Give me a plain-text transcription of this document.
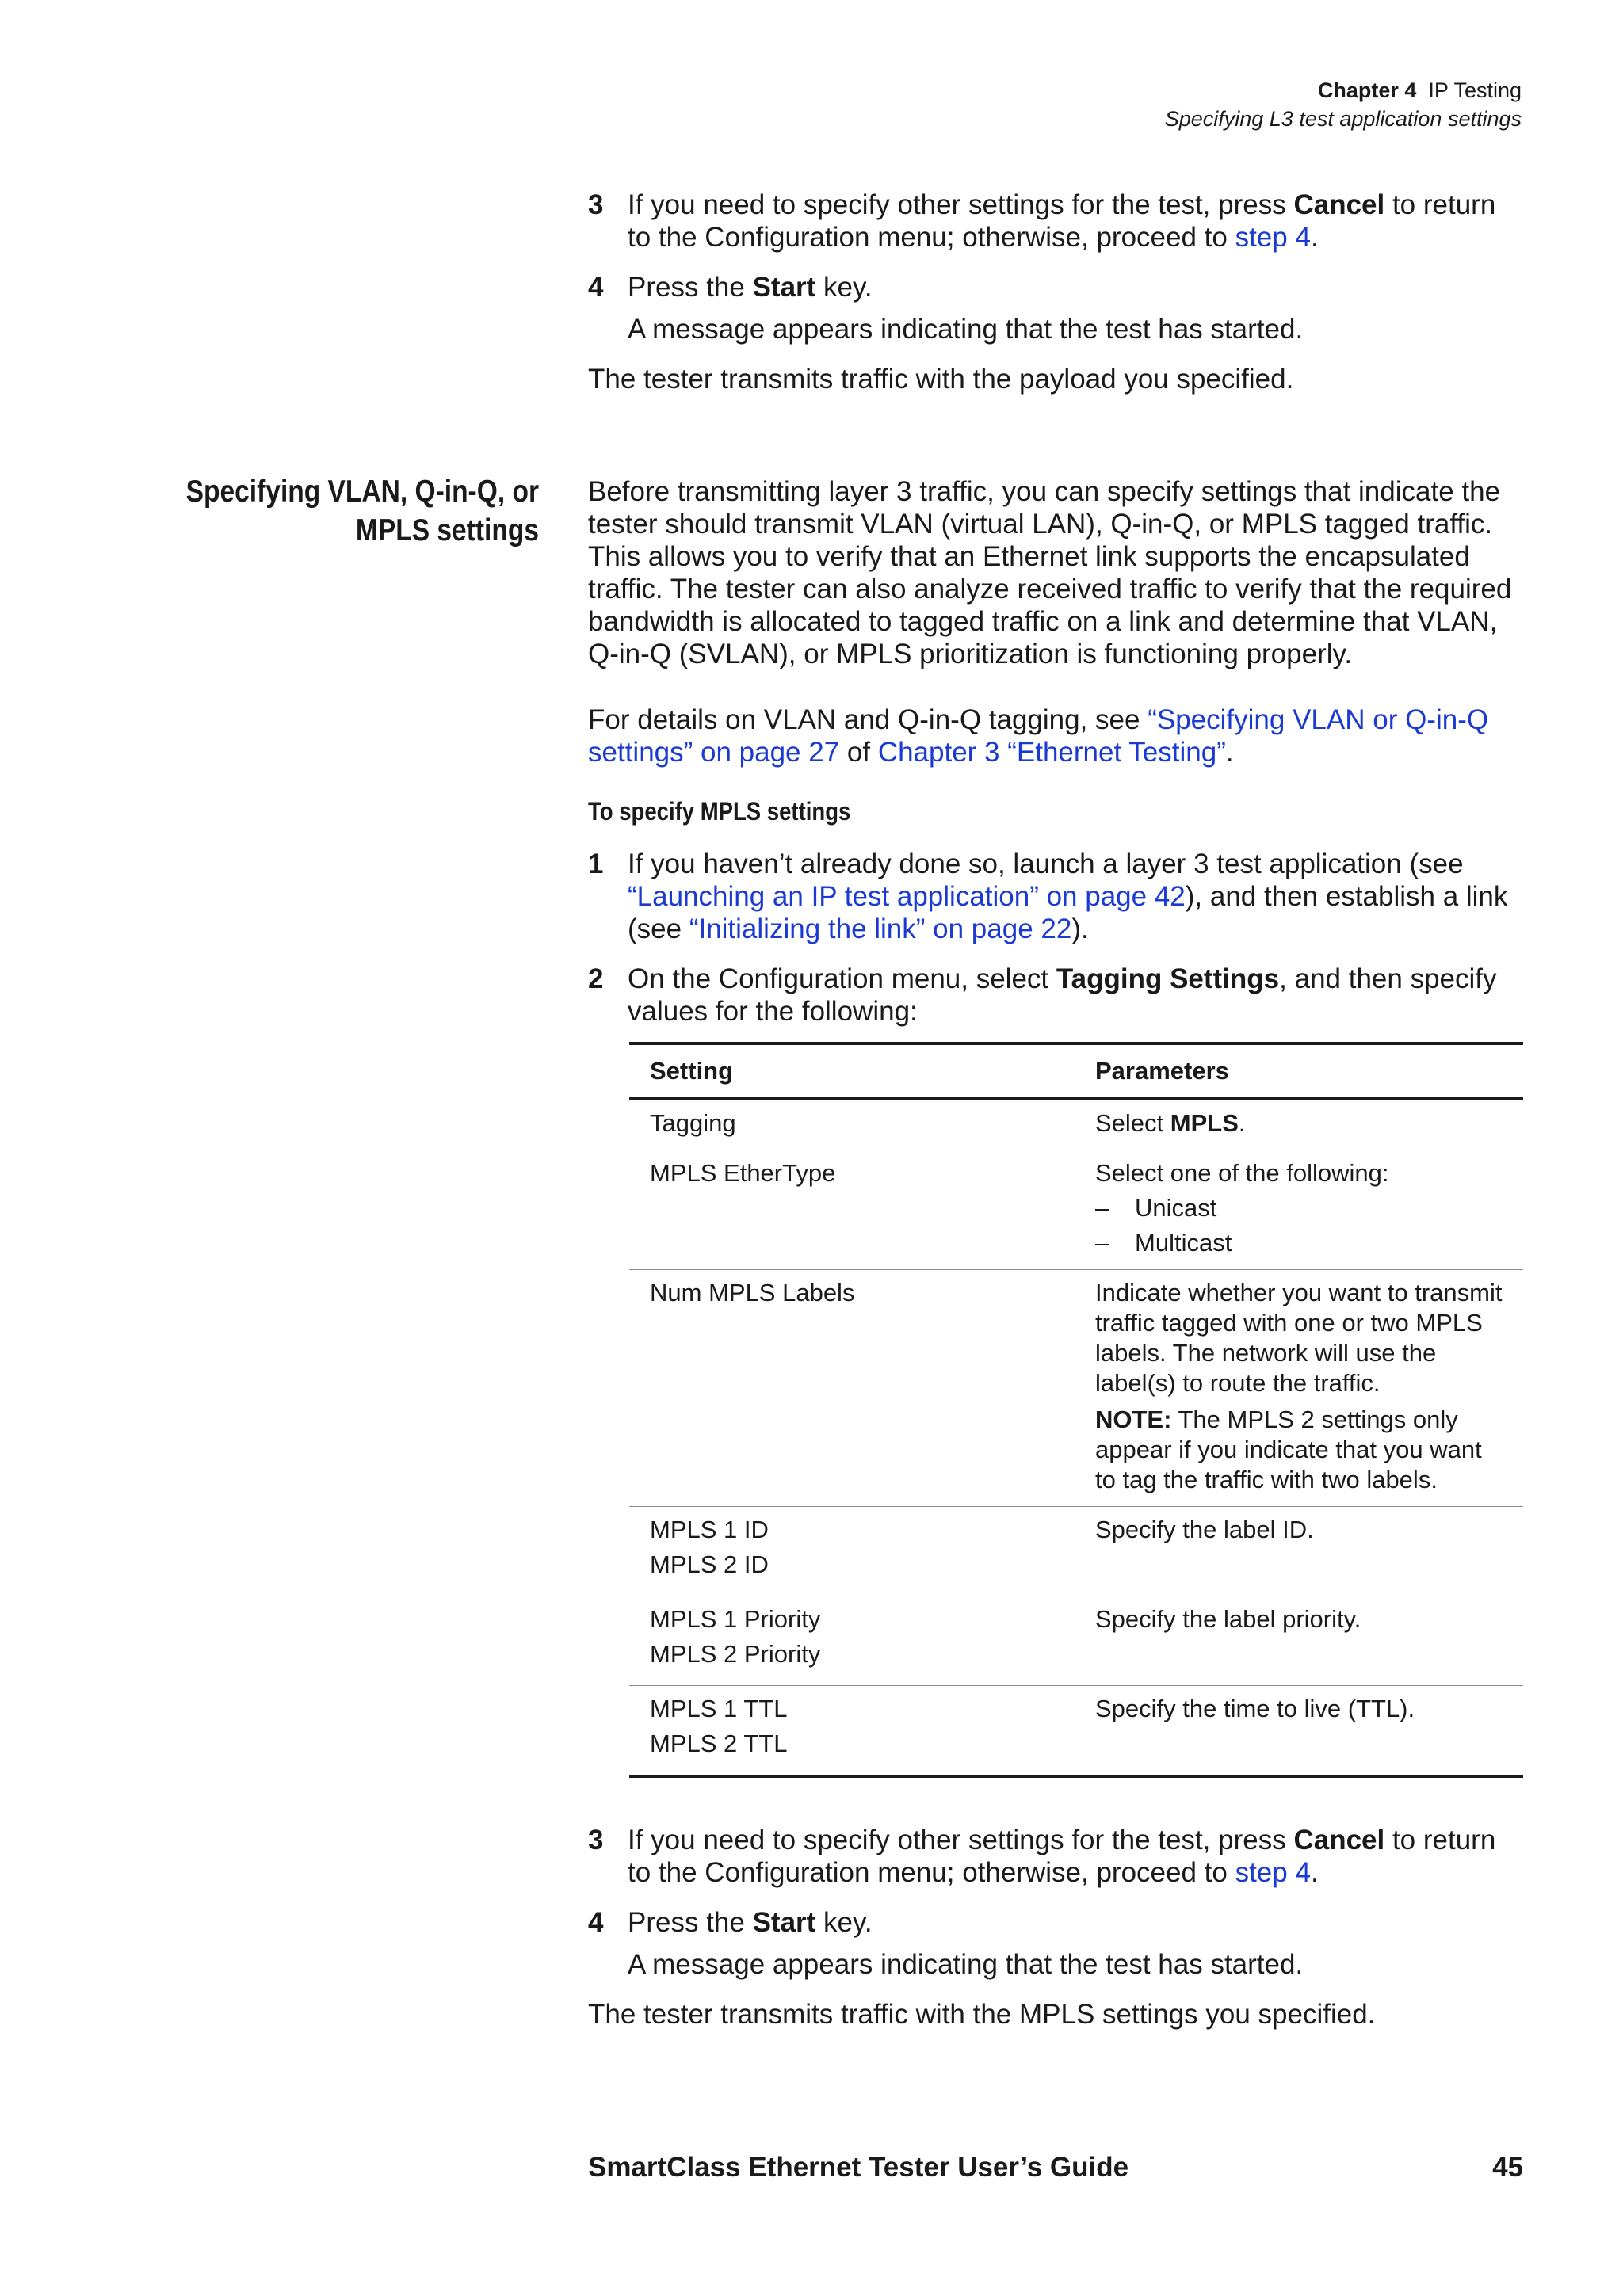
Chapter 4 IP Testing
Specifying L3 test application settings
3 If you need to specify other settings for the test, press Cancel to return to the Configuration menu; otherwise, proceed to step 4.
4 Press the Start key.
A message appears indicating that the test has started.
The tester transmits traffic with the payload you specified.
Specifying VLAN, Q-in-Q, or
MPLS settings
Before transmitting layer 3 traffic, you can specify settings that indicate the tester should transmit VLAN (virtual LAN), Q-in-Q, or MPLS tagged traffic. This allows you to verify that an Ethernet link supports the encapsulated traffic. The tester can also analyze received traffic to verify that the required bandwidth is allocated to tagged traffic on a link and determine that VLAN, Q-in-Q (SVLAN), or MPLS prioritization is functioning properly.
For details on VLAN and Q-in-Q tagging, see “Specifying VLAN or Q-in-Q settings” on page 27 of Chapter 3 “Ethernet Testing”.
To specify MPLS settings
1 If you haven’t already done so, launch a layer 3 test application (see “Launching an IP test application” on page 42), and then establish a link (see “Initializing the link” on page 22).
2 On the Configuration menu, select Tagging Settings, and then specify values for the following:
Setting	Parameters
Tagging	Select MPLS.
MPLS EtherType	Select one of the following:
– Unicast
– Multicast

Num MPLS Labels	Indicate whether you want to transmit traffic tagged with one or two MPLS labels. The network will use the label(s) to route the traffic.
NOTE: The MPLS 2 settings only appear if you indicate that you want to tag the traffic with two labels.

MPLS 1 ID
MPLS 2 ID	Specify the label ID.

MPLS 1 Priority
MPLS 2 Priority	Specify the label priority.

MPLS 1 TTL
MPLS 2 TTL	Specify the time to live (TTL).
3 If you need to specify other settings for the test, press Cancel to return to the Configuration menu; otherwise, proceed to step 4.
4 Press the Start key.
A message appears indicating that the test has started.
The tester transmits traffic with the MPLS settings you specified.
SmartClass Ethernet Tester User’s Guide	45
